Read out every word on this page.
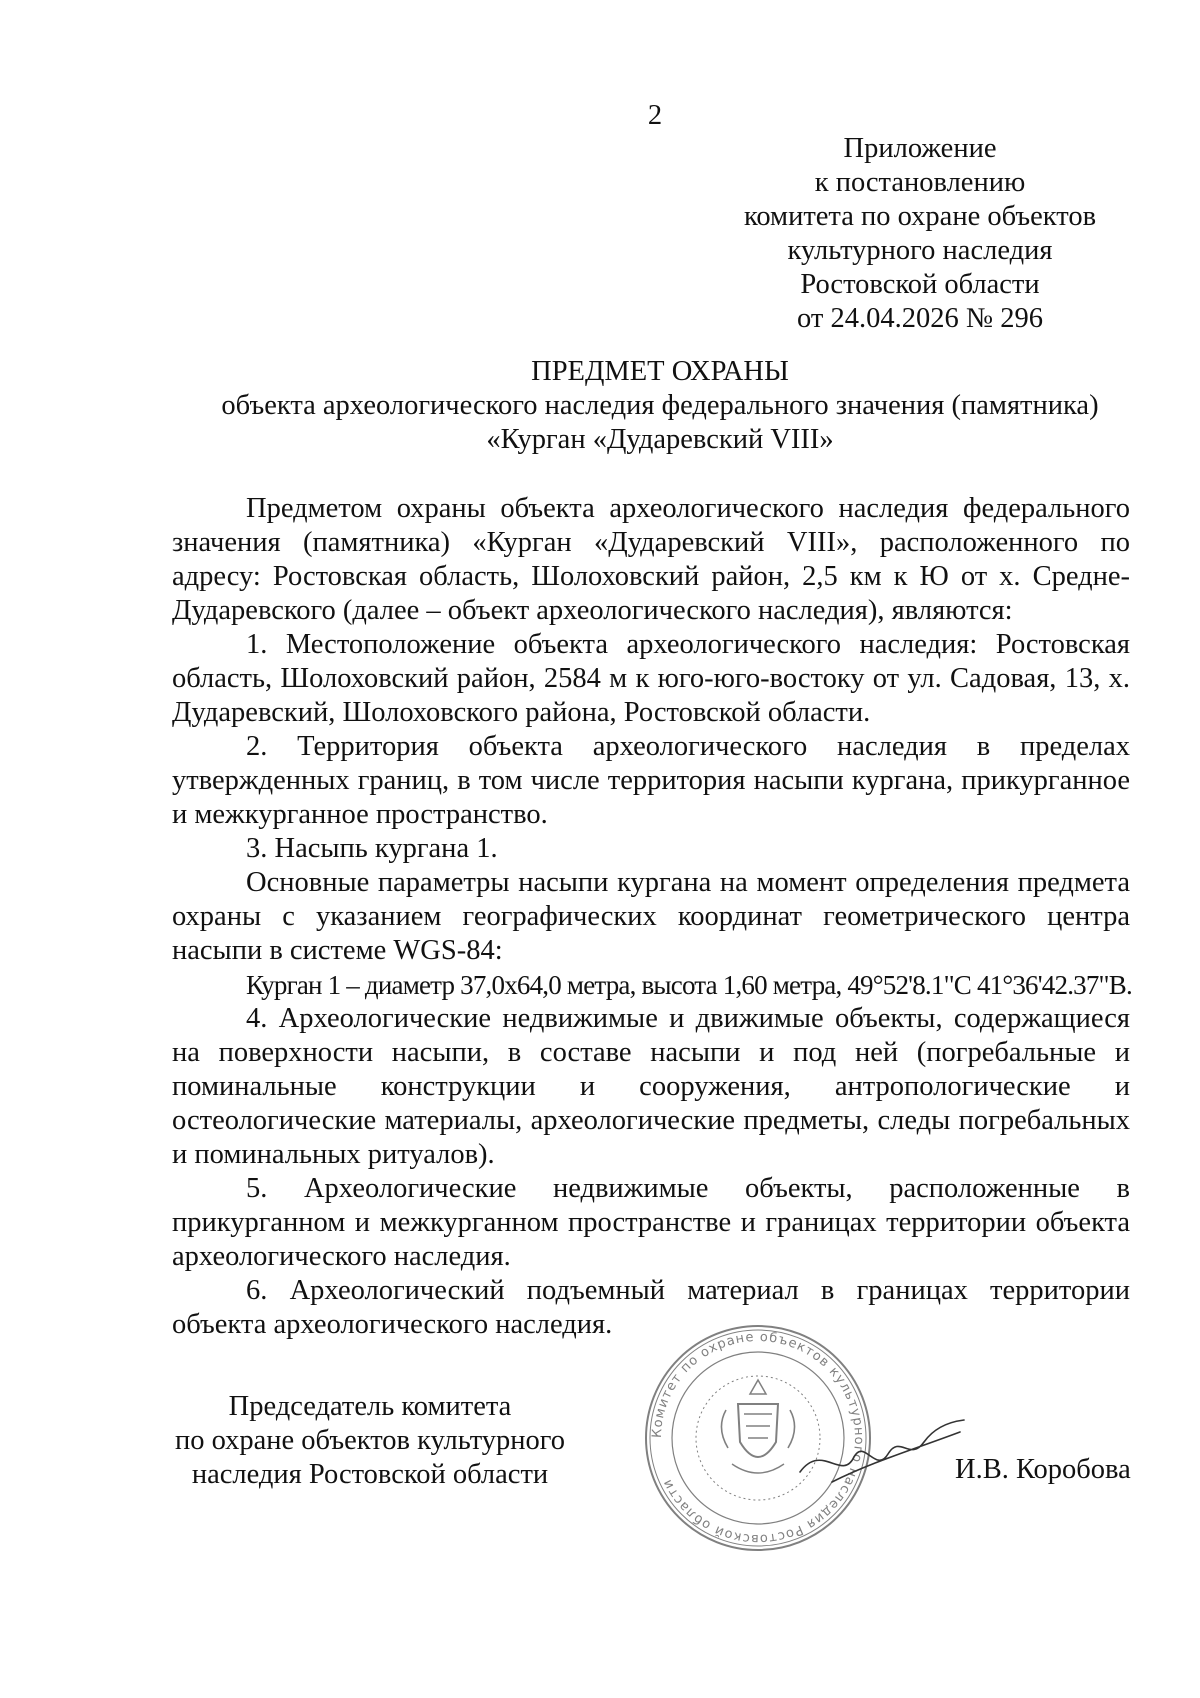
2
Приложение
к постановлению
комитета по охране объектов
культурного наследия
Ростовской области
от 24.04.2026 № 296
ПРЕДМЕТ ОХРАНЫ
объекта археологического наследия федерального значения (памятника)
«Курган «Дударевский VIII»

Предметом охраны объекта археологического наследия федерального значения (памятника) «Курган «Дударевский VIII», расположенного по адресу: Ростовская область, Шолоховский район, 2,5 км к Ю от х. Средне-Дударевского (далее – объект археологического наследия), являются:

1. Местоположение объекта археологического наследия: Ростовская область, Шолоховский район, 2584 м к юго-юго-востоку от ул. Садовая, 13, х. Дударевский, Шолоховского района, Ростовской области.

2. Территория объекта археологического наследия в пределах утвержденных границ, в том числе территория насыпи кургана, прикурганное и межкурганное пространство.

3. Насыпь кургана 1.

Основные параметры насыпи кургана на момент определения предмета охраны с указанием географических координат геометрического центра насыпи в системе WGS-84:

Курган 1 – диаметр 37,0х64,0 метра, высота 1,60 метра, 49°52'8.1"С 41°36'42.37"В.

4. Археологические недвижимые и движимые объекты, содержащиеся на поверхности насыпи, в составе насыпи и под ней (погребальные и поминальные конструкции и сооружения, антропологические и остеологические материалы, археологические предметы, следы погребальных и поминальных ритуалов).

5. Археологические недвижимые объекты, расположенные в прикурганном и межкурганном пространстве и границах территории объекта археологического наследия.

6. Археологический подъемный материал в границах территории объекта археологического наследия.

Председатель комитета
по охране объектов культурного
наследия Ростовской области
Комитет по охране объектов культурного наследия Ростовской области	И.В. Коробова
